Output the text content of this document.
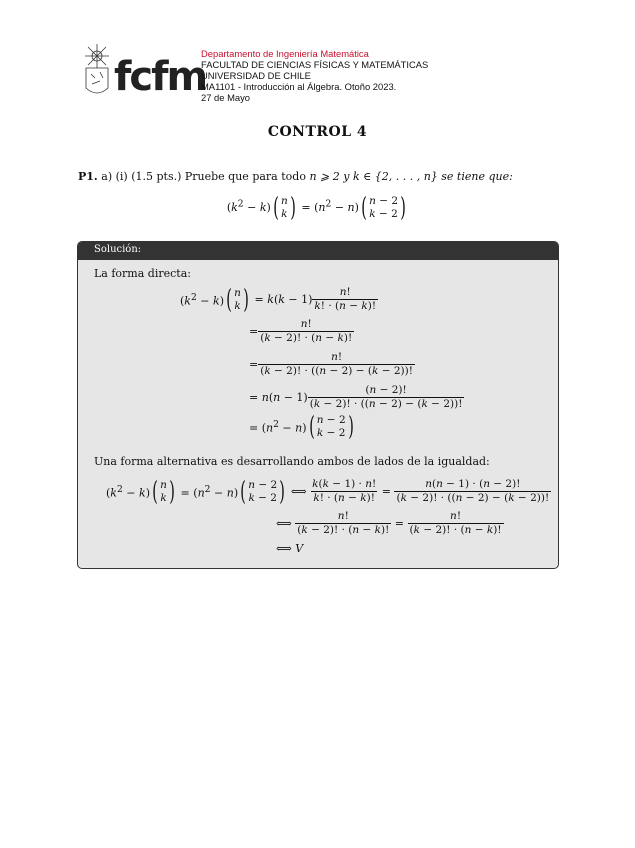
fcfm
Departamento de Ingeniería Matemática
FACULTAD DE CIENCIAS FÍSICAS Y MATEMÁTICAS
UNIVERSIDAD DE CHILE
MA1101 - Introducción al Álgebra. Otoño 2023.
27 de Mayo
CONTROL 4
P1. a) (i) (1.5 pts.) Pruebe que para todo n ⩾ 2 y k ∈ {2, . . . , n} se tiene que:
$(k^2 - k)$ ( n
k ) = $(n^2 - n)$ ( n − 2
k − 2 )
Solución:
La forma directa:
$(k^2 - k)$ ( n
k ) = $k(k - 1) \frac{n!}{k! \cdot (n - k)!}$
= $\frac{n!}{(k - 2)! \cdot (n - k)!}$
= $\frac{n!}{(k - 2)! \cdot ((n - 2) - (k - 2))!}$
= $n(n - 1) \frac{(n - 2)!}{(k - 2)! \cdot ((n - 2) - (k - 2))!}$
= $(n^2 - n)$ ( n − 2
k − 2 )
Una forma alternativa es desarrollando ambos de lados de la igualdad:
$(k^2 - k)$ ( n
k ) = $(n^2 - n)$ ( n − 2
k − 2 ) ⟺ $\frac{k(k - 1) \cdot n!}{k! \cdot (n - k)!} = \frac{n(n - 1) \cdot (n - 2)!}{(k - 2)! \cdot ((n - 2) - (k - 2))!}$
⟺ $\frac{n!}{(k - 2)! \cdot (n - k)!} = \frac{n!}{(k - 2)! \cdot (n - k)!}$
⟺ V
